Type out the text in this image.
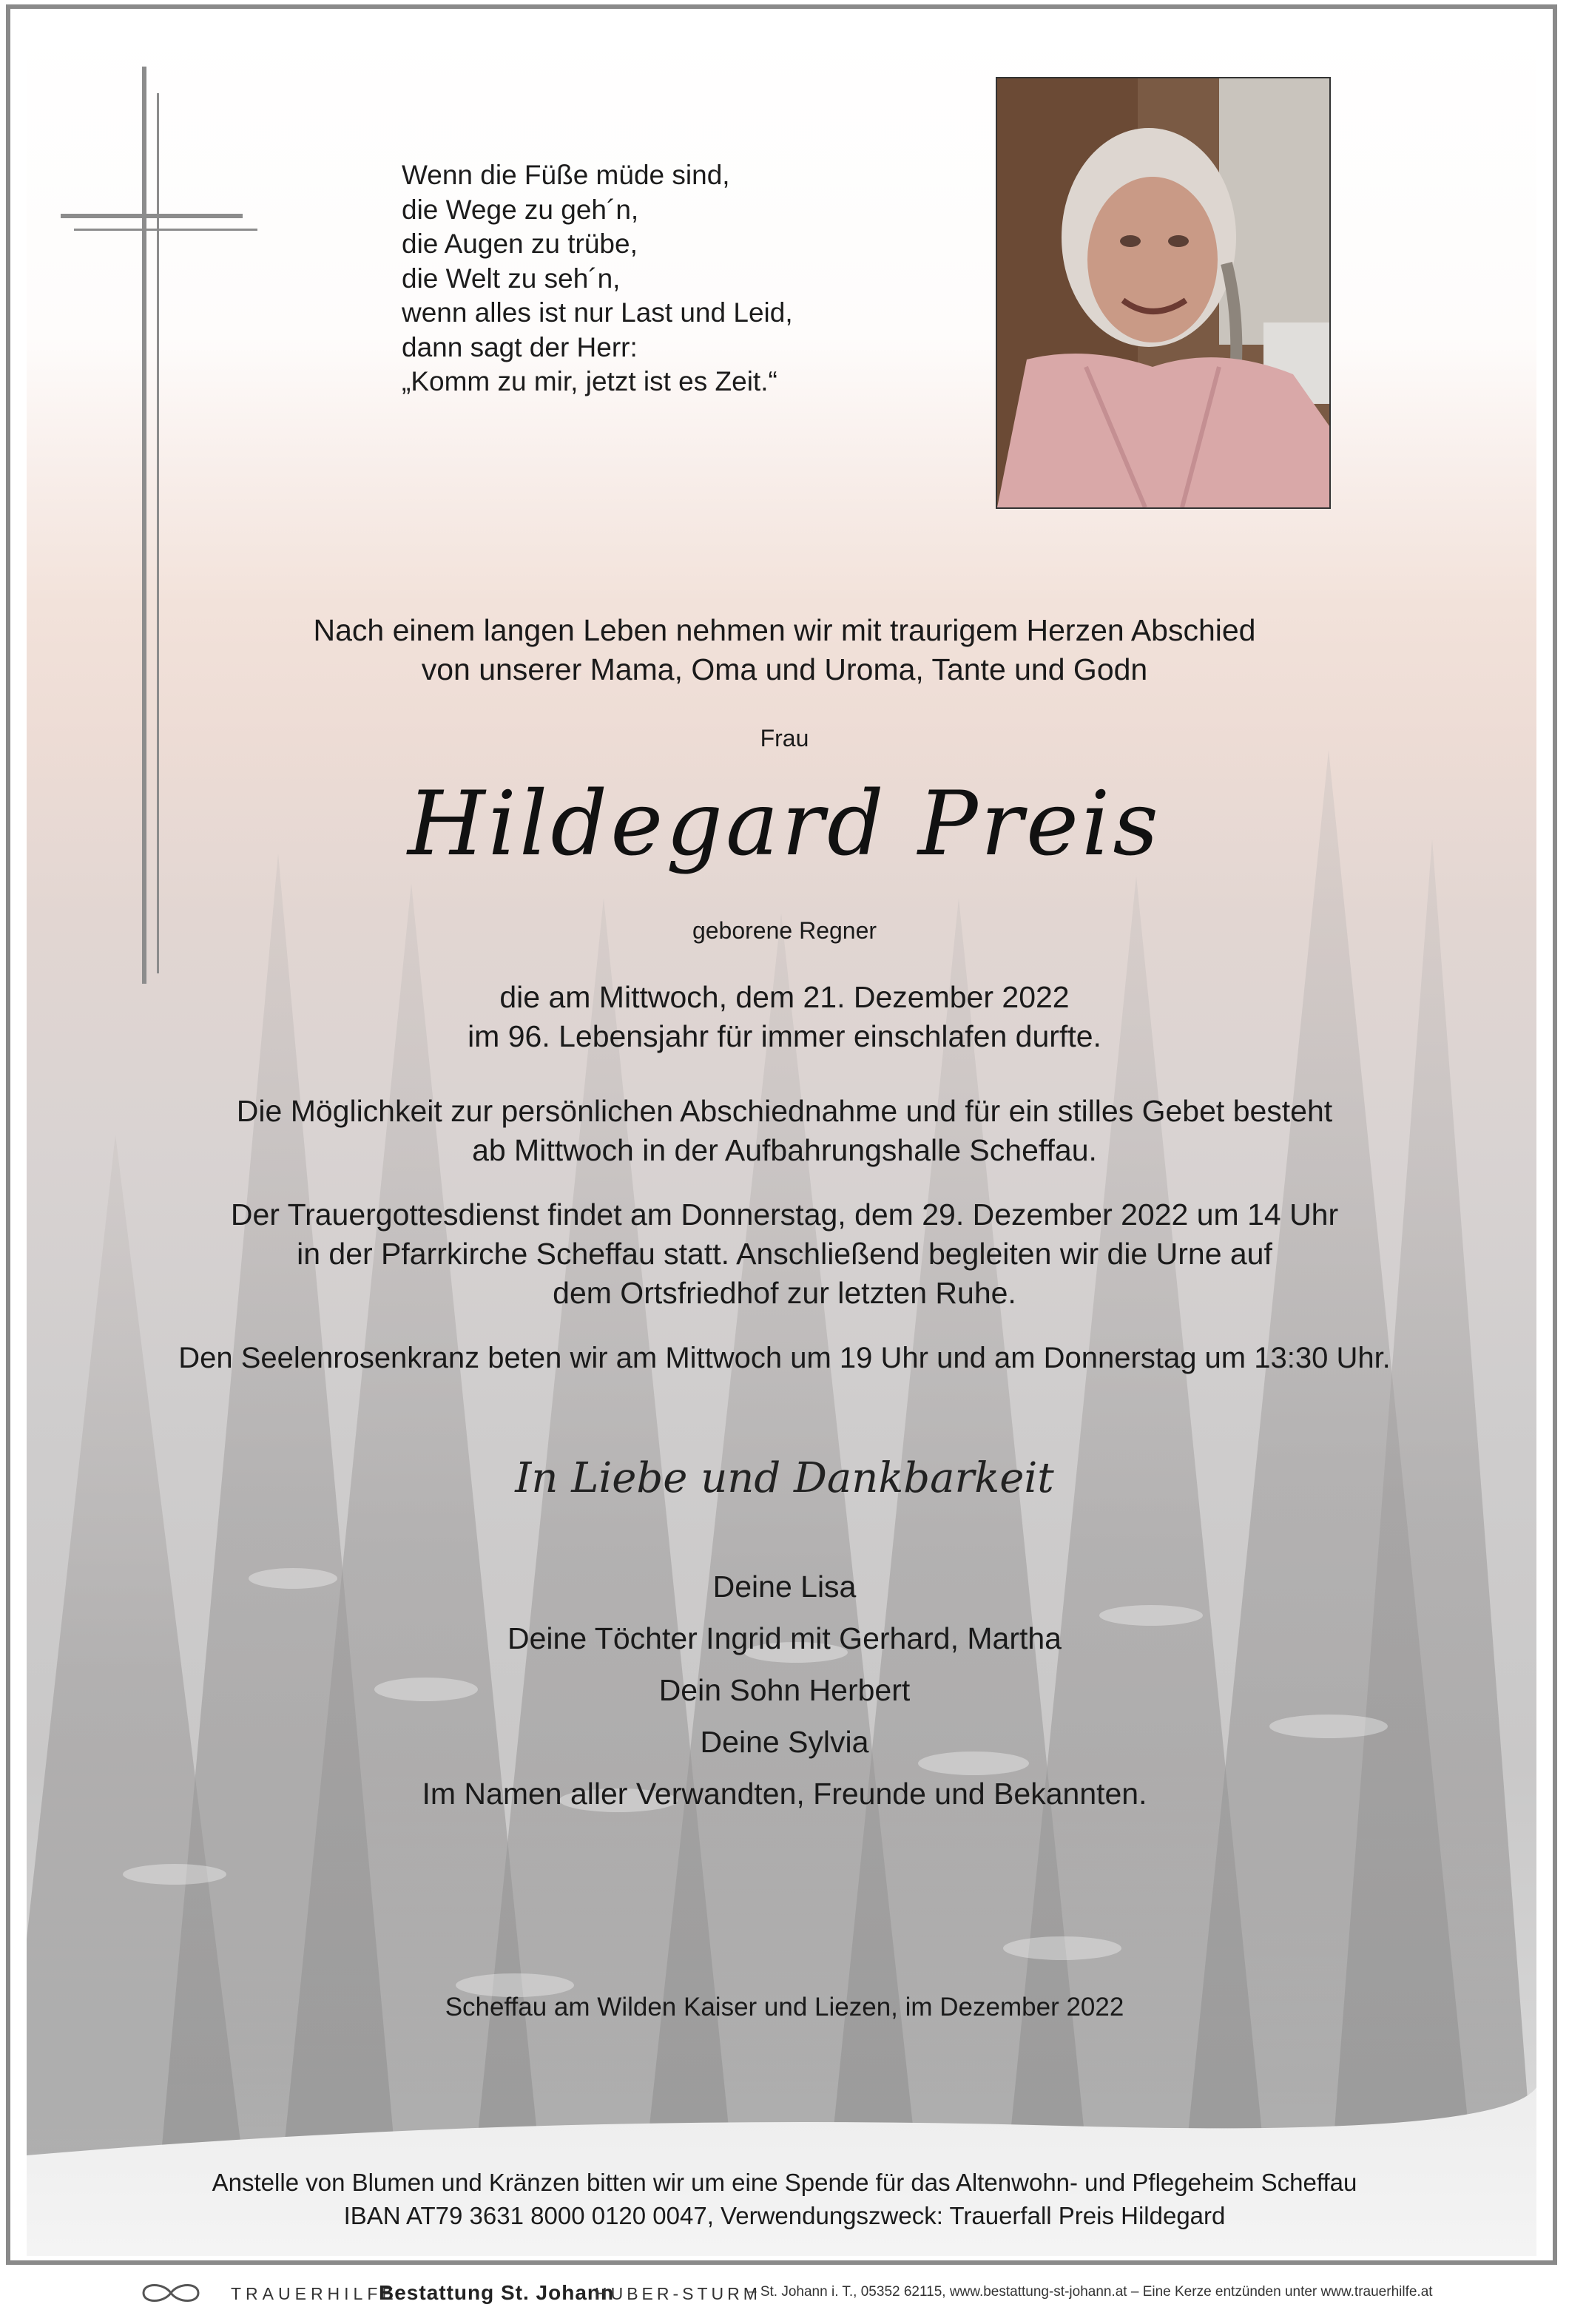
Wenn die Füße müde sind,
die Wege zu geh´n,
die Augen zu trübe,
die Welt zu seh´n,
wenn alles ist nur Last und Leid,
dann sagt der Herr:
„Komm zu mir, jetzt ist es Zeit.“
Nach einem langen Leben nehmen wir mit traurigem Herzen Abschied
von unserer Mama, Oma und Uroma, Tante und Godn
Frau
Hildegard Preis
geborene Regner
die am Mittwoch, dem 21. Dezember 2022
im 96. Lebensjahr für immer einschlafen durfte.
Die Möglichkeit zur persönlichen Abschiednahme und für ein stilles Gebet besteht
ab Mittwoch in der Aufbahrungshalle Scheffau.
Der Trauergottesdienst findet am Donnerstag, dem 29. Dezember 2022 um 14 Uhr
in der Pfarrkirche Scheffau statt. Anschließend begleiten wir die Urne auf
dem Ortsfriedhof zur letzten Ruhe.
Den Seelenrosenkranz beten wir am Mittwoch um 19 Uhr und am Donnerstag um 13:30 Uhr.
In Liebe und Dankbarkeit
Deine Lisa
Deine Töchter Ingrid mit Gerhard, Martha
Dein Sohn Herbert
Deine Sylvia
Im Namen aller Verwandten, Freunde und Bekannten.
Scheffau am Wilden Kaiser und Liezen, im Dezember 2022
Anstelle von Blumen und Kränzen bitten wir um eine Spende für das Altenwohn- und Pflegeheim Scheffau
IBAN AT79 3631 8000 0120 0047, Verwendungszweck: Trauerfall Preis Hildegard
TRAUERHILFE
Bestattung St. Johann
HUBER-STURM
– St. Johann i. T., 05352 62115, www.bestattung-st-johann.at – Eine Kerze entzünden unter www.trauerhilfe.at
